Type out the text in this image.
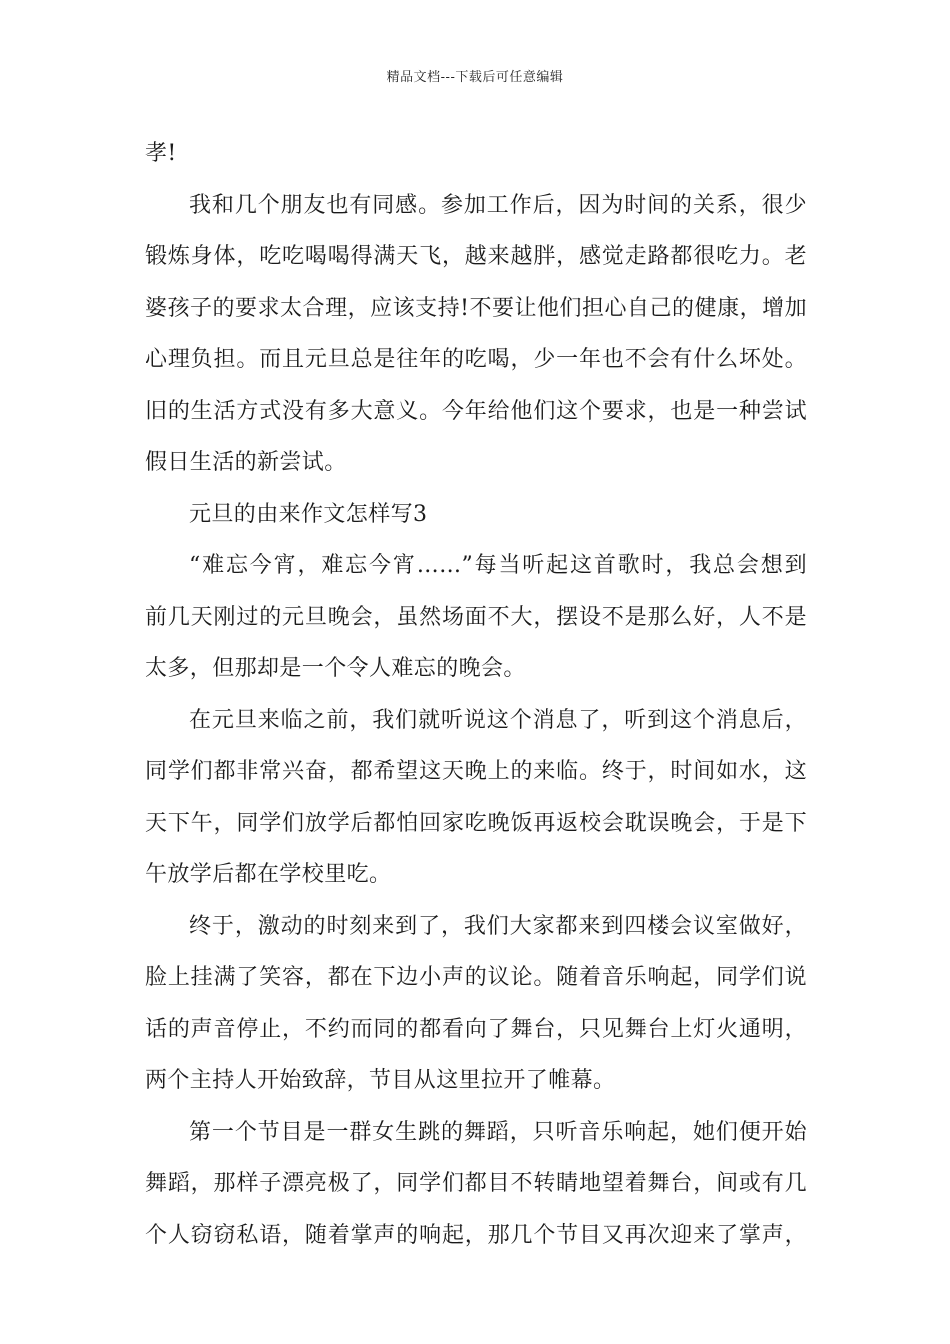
精品文档---下载后可任意编辑
孝!
我和几个朋友也有同感。参加工作后，因为时间的关系，很少
锻炼身体，吃吃喝喝得满天飞，越来越胖，感觉走路都很吃力。老
婆孩子的要求太合理，应该支持!不要让他们担心自己的健康，增加
心理负担。而且元旦总是往年的吃喝，少一年也不会有什么坏处。
旧的生活方式没有多大意义。今年给他们这个要求，也是一种尝试
假日生活的新尝试。
元旦的由来作文怎样写3
“难忘今宵，难忘今宵……”每当听起这首歌时，我总会想到
前几天刚过的元旦晚会，虽然场面不大，摆设不是那么好，人不是
太多，但那却是一个令人难忘的晚会。
在元旦来临之前，我们就听说这个消息了，听到这个消息后，
同学们都非常兴奋，都希望这天晚上的来临。终于，时间如水，这
天下午，同学们放学后都怕回家吃晚饭再返校会耽误晚会，于是下
午放学后都在学校里吃。
终于，激动的时刻来到了，我们大家都来到四楼会议室做好，
脸上挂满了笑容，都在下边小声的议论。随着音乐响起，同学们说
话的声音停止，不约而同的都看向了舞台，只见舞台上灯火通明，
两个主持人开始致辞，节目从这里拉开了帷幕。
第一个节目是一群女生跳的舞蹈，只听音乐响起，她们便开始
舞蹈，那样子漂亮极了，同学们都目不转睛地望着舞台，间或有几
个人窃窃私语，随着掌声的响起，那几个节目又再次迎来了掌声，
